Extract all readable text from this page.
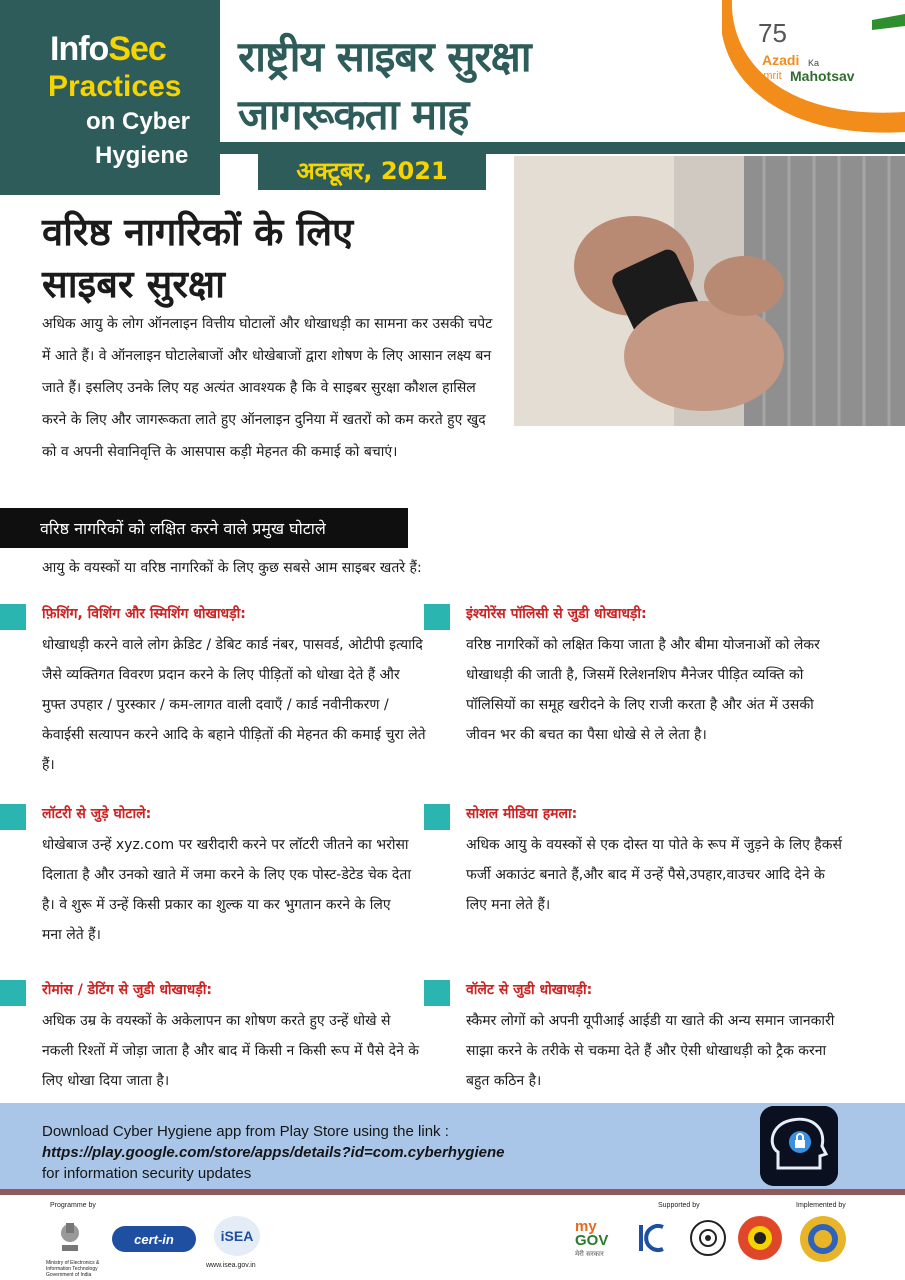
InfoSec
Practices
on Cyber
Hygiene
राष्ट्रीय साइबर सुरक्षा
जागरूकता माह
75
Azadi Ka
Amrit Mahotsav
अक्टूबर, 2021
वरिष्ठ नागरिकों के लिए
साइबर सुरक्षा
अधिक आयु के लोग ऑनलाइन वित्तीय घोटालों और धोखाधड़ी का सामना कर उसकी चपेट में आते हैं। वे ऑनलाइन घोटालेबाजों और धोखेबाजों द्वारा शोषण के लिए आसान लक्ष्य बन जाते हैं। इसलिए उनके लिए यह अत्यंत आवश्यक है कि वे साइबर सुरक्षा कौशल हासिल करने के लिए और जागरूकता लाते हुए ऑनलाइन दुनिया में खतरों को कम करते हुए खुद को व अपनी सेवानिवृत्ति के आसपास कड़ी मेहनत की कमाई को बचाएं।
वरिष्ठ नागरिकों को लक्षित करने वाले प्रमुख घोटाले
आयु के वयस्कों या वरिष्ठ नागरिकों के लिए कुछ सबसे आम साइबर खतरे हैं:
फ़िशिंग, विशिंग और स्मिशिंग धोखाधड़ी:
धोखाधड़ी करने वाले लोग क्रेडिट / डेबिट कार्ड नंबर, पासवर्ड, ओटीपी इत्यादि जैसे व्यक्तिगत विवरण प्रदान करने के लिए पीड़ितों को धोखा देते हैं और मुफ्त उपहार / पुरस्कार / कम-लागत वाली दवाएँ / कार्ड नवीनीकरण / केवाईसी सत्यापन करने आदि के बहाने पीड़ितों की मेहनत की कमाई चुरा लेते हैं।
लॉटरी से जुड़े घोटाले:
धोखेबाज उन्हें xyz.com पर खरीदारी करने पर लॉटरी जीतने का भरोसा दिलाता है और उनको खाते में जमा करने के लिए एक पोस्ट-डेटेड चेक देता है। वे शुरू में उन्हें किसी प्रकार का शुल्क या कर भुगतान करने के लिए मना लेते हैं।
रोमांस / डेटिंग से जुडी धोखाधड़ी:
अधिक उम्र के वयस्कों के अकेलापन का शोषण करते हुए उन्हें धोखे से नकली रिश्तों में जोड़ा जाता है और बाद में किसी न किसी रूप में पैसे देने के लिए धोखा दिया जाता है।
इंश्योरेंस पॉलिसी से जुडी धोखाधड़ी:
वरिष्ठ नागरिकों को लक्षित किया जाता है और बीमा योजनाओं को लेकर धोखाधड़ी की जाती है, जिसमें रिलेशनशिप मैनेजर पीड़ित व्यक्ति को पॉलिसियों का समूह खरीदने के लिए राजी करता है और अंत में उसकी जीवन भर की बचत का पैसा धोखे से ले लेता है।
सोशल मीडिया हमला:
अधिक आयु के वयस्कों से एक दोस्त या पोते के रूप में जुड़ने के लिए हैकर्स फर्जी अकाउंट बनाते हैं,और बाद में उन्हें पैसे,उपहार,वाउचर आदि देने के लिए मना लेते हैं।
वॉलेट से जुडी धोखाधड़ी:
स्कैमर लोगों को अपनी यूपीआई आईडी या खाते की अन्य समान जानकारी साझा करने के तरीके से चकमा देते हैं और ऐसी धोखाधड़ी को ट्रैक करना बहुत कठिन है।
Download Cyber Hygiene app from Play Store using the link :
https://play.google.com/store/apps/details?id=com.cyberhygiene
for information security updates
Programme by
Ministry of Electronics & Information Technology Government of India
cert-in	iSEA
www.isea.gov.in
Supported by
my
GOV
मेरी सरकार
Implemented by
